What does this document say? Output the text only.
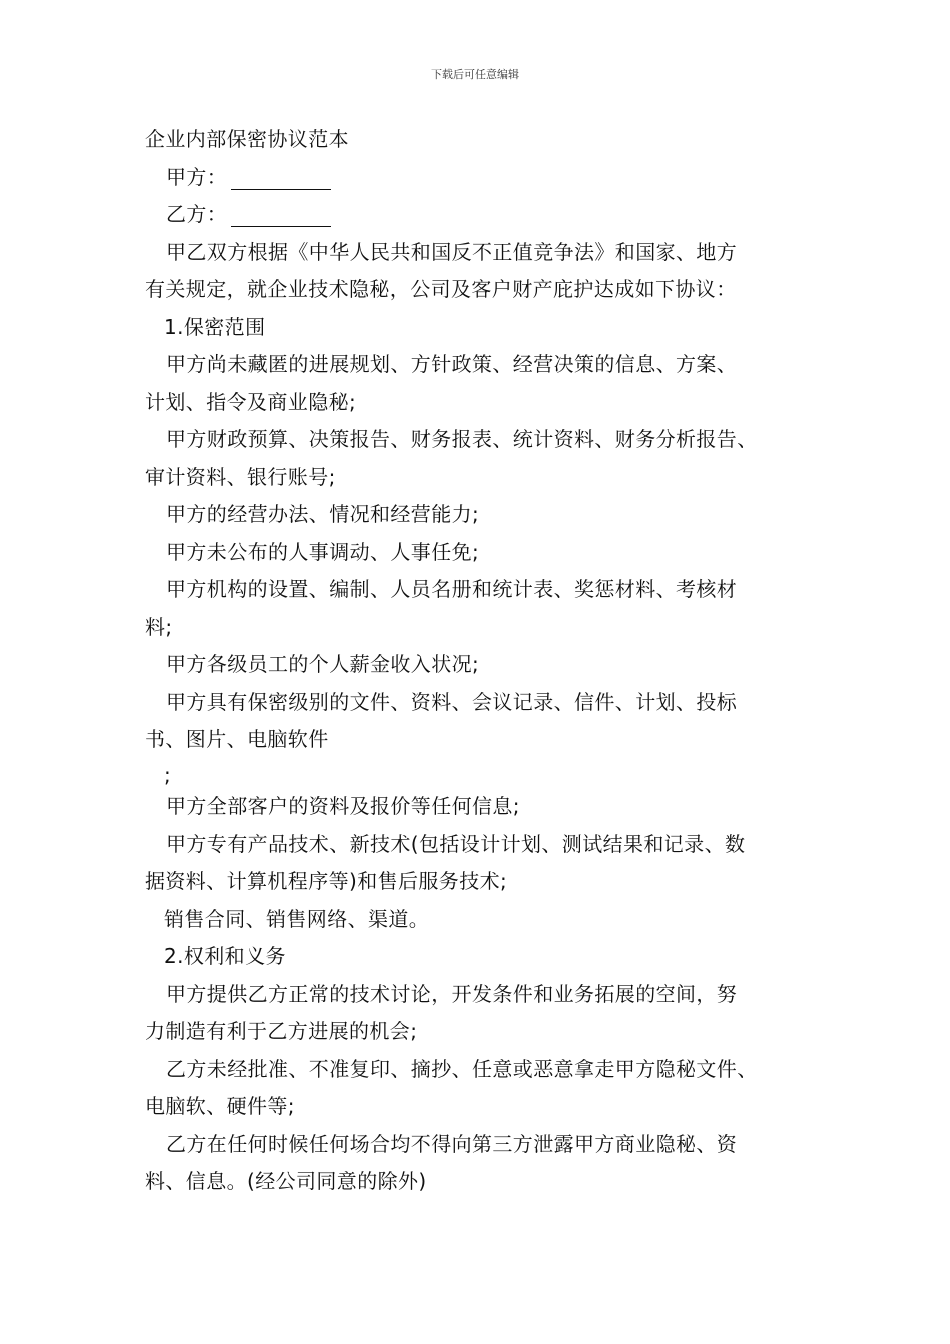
下载后可任意编辑
企业内部保密协议范本
甲方：
乙方：
甲乙双方根据《中华人民共和国反不正值竞争法》和国家、地方
有关规定，就企业技术隐秘，公司及客户财产庇护达成如下协议：
1.保密范围
甲方尚未藏匿的进展规划、方针政策、经营决策的信息、方案、
计划、指令及商业隐秘;
甲方财政预算、决策报告、财务报表、统计资料、财务分析报告、
审计资料、银行账号;
甲方的经营办法、情况和经营能力;
甲方未公布的人事调动、人事任免;
甲方机构的设置、编制、人员名册和统计表、奖惩材料、考核材
料;
甲方各级员工的个人薪金收入状况;
甲方具有保密级别的文件、资料、会议记录、信件、计划、投标
书、图片、电脑软件
;
甲方全部客户的资料及报价等任何信息;
甲方专有产品技术、新技术(包括设计计划、测试结果和记录、数
据资料、计算机程序等)和售后服务技术;
销售合同、销售网络、渠道。
2.权利和义务
甲方提供乙方正常的技术讨论，开发条件和业务拓展的空间，努
力制造有利于乙方进展的机会;
乙方未经批准、不准复印、摘抄、任意或恶意拿走甲方隐秘文件、
电脑软、硬件等;
乙方在任何时候任何场合均不得向第三方泄露甲方商业隐秘、资
料、信息。(经公司同意的除外)
